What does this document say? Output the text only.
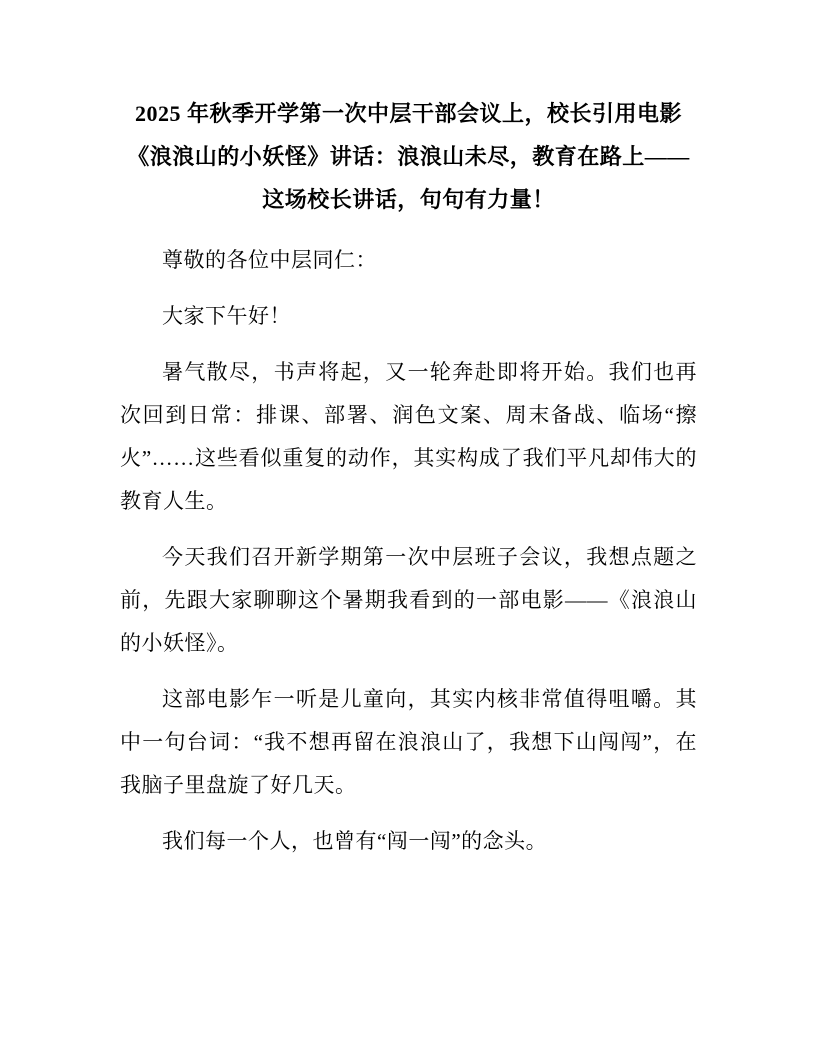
2025 年秋季开学第一次中层干部会议上，校长引用电影《浪浪山的小妖怪》讲话：浪浪山未尽，教育在路上——这场校长讲话，句句有力量！

尊敬的各位中层同仁：

大家下午好！

暑气散尽，书声将起，又一轮奔赴即将开始。我们也再次回到日常：排课、部署、润色文案、周末备战、临场“擦火”……这些看似重复的动作，其实构成了我们平凡却伟大的教育人生。

今天我们召开新学期第一次中层班子会议，我想点题之前，先跟大家聊聊这个暑期我看到的一部电影——《浪浪山的小妖怪》。

这部电影乍一听是儿童向，其实内核非常值得咀嚼。其中一句台词：“我不想再留在浪浪山了，我想下山闯闯”，在我脑子里盘旋了好几天。

我们每一个人，也曾有“闯一闯”的念头。
